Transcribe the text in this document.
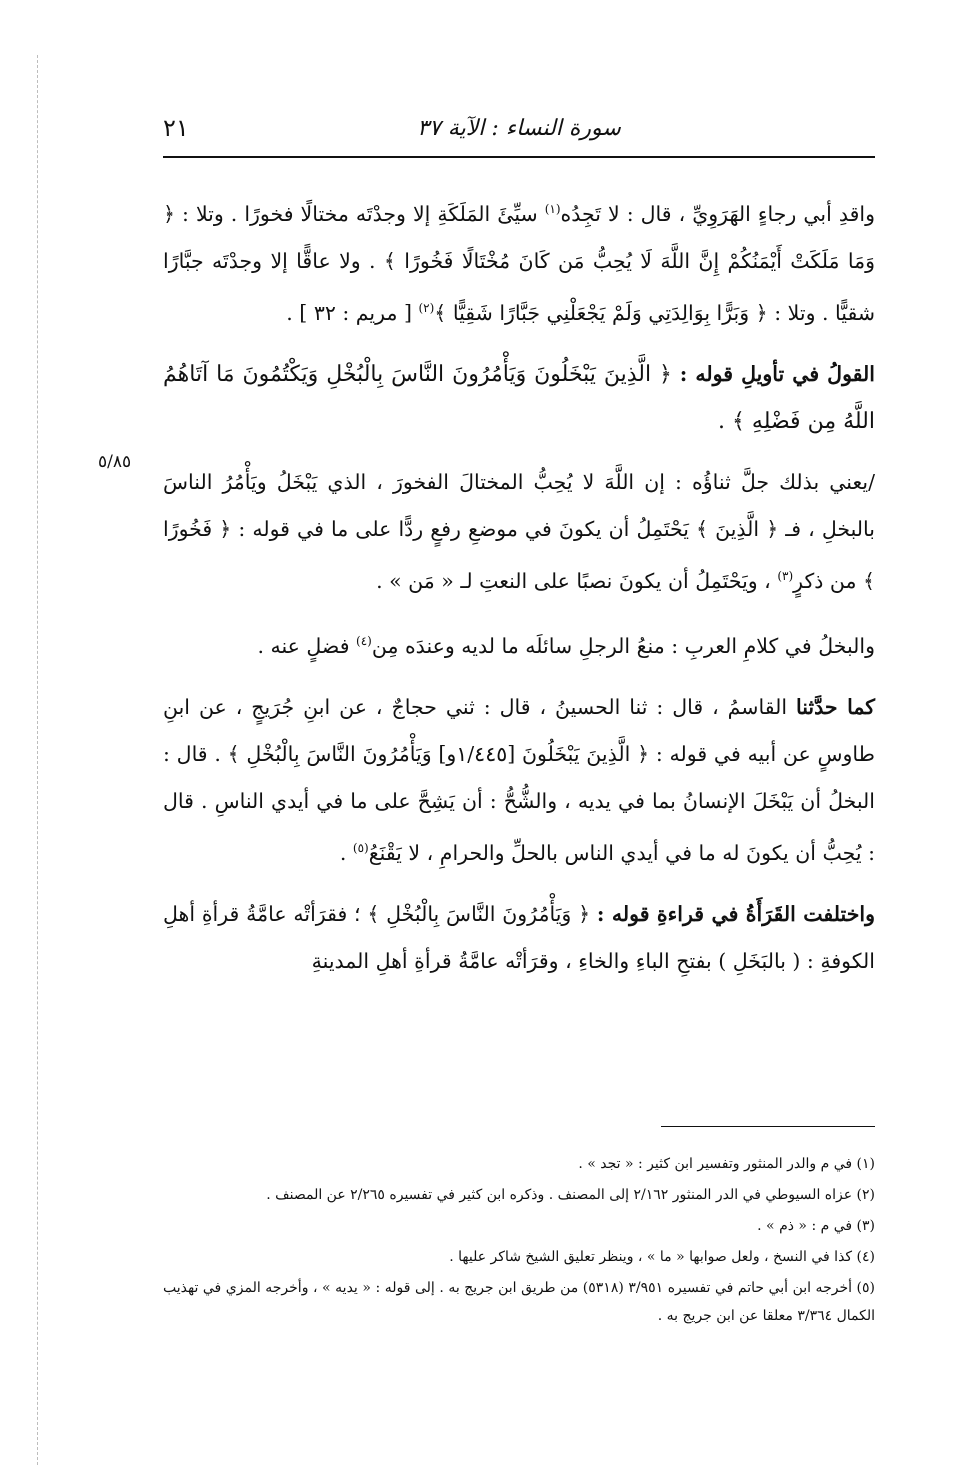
سورة النساء : الآية ٣٧
٢١
٥/٨٥

واقدِ أبي رجاءٍ الهَرَوِيِّ ، قال : لا تَجِدُه$^{(١)}$ سيِّئَ المَلَكَةِ إلا وجدْتَه مختالًا فخورًا . وتلا : ﴿ وَمَا مَلَكَتْ أَيْمَنُكُمْ إِنَّ اللَّهَ لَا يُحِبُّ مَن كَانَ مُخْتَالًا فَخُورًا ﴾ . ولا عاقًّا إلا وجدْتَه جبَّارًا شقيًّا . وتلا : ﴿ وَبَرًّا بِوَالِدَتِي وَلَمْ يَجْعَلْنِي جَبَّارًا شَقِيًّا ﴾$^{(٢)}$ [ مريم : ٣٢ ] .

القولُ في تأويلِ قوله : ﴿ الَّذِينَ يَبْخَلُونَ وَيَأْمُرُونَ النَّاسَ بِالْبُخْلِ وَيَكْتُمُونَ مَا آتَاهُمُ اللَّهُ مِن فَضْلِهِ ﴾ .

/يعني بذلك جلَّ ثناؤُه : إن اللَّهَ لا يُحِبُّ المختالَ الفخورَ ، الذي يَبْخَلُ ويَأْمُرُ الناسَ بالبخلِ ، فـ ﴿ الَّذِينَ ﴾ يَحْتَمِلُ أن يكونَ في موضعِ رفعٍ ردًّا على ما في قوله : ﴿ فَخُورًا ﴾ من ذكرٍ$^{(٣)}$ ، ويَحْتَمِلُ أن يكونَ نصبًا على النعتِ لـ « مَن » .

والبخلُ في كلامِ العربِ : منعُ الرجلِ سائلَه ما لديه وعندَه مِن$^{(٤)}$ فضلٍ عنه .

كما حدَّثنا القاسمُ ، قال : ثنا الحسينُ ، قال : ثني حجاجٌ ، عن ابنِ جُرَيجٍ ، عن ابنِ طاوسٍ عن أبيه في قوله : ﴿ الَّذِينَ يَبْخَلُونَ [١/٤٤٥و] وَيَأْمُرُونَ النَّاسَ بِالْبُخْلِ ﴾ . قال : البخلُ أن يَبْخَلَ الإنسانُ بما في يديه ، والشُّحُّ : أن يَشِحَّ على ما في أيدي الناسِ . قال : يُحِبُّ أن يكونَ له ما في أيدي الناس بالحلِّ والحرامِ ، لا يَقْنَعُ$^{(٥)}$ .

واختلفت القَرَأَةُ في قراءةِ قوله : ﴿ وَيَأْمُرُونَ النَّاسَ بِالْبُخْلِ ﴾ ؛ فقرَأتْه عامَّةُ قرأةِ أهلِ الكوفةِ : ( بالبَخَلِ ) بفتحِ الباءِ والخاءِ ، وقرَأتْه عامَّةُ قرأةِ أهلِ المدينةِ

(١) في م والدر المنثور وتفسير ابن كثير : « تجد » .

(٢) عزاه السيوطي في الدر المنثور ٢/١٦٢ إلى المصنف . وذكره ابن كثير في تفسيره ٢/٢٦٥ عن المصنف .

(٣) في م : « ذم » .

(٤) كذا في النسخ ، ولعل صوابها « ما » ، وينظر تعليق الشيخ شاكر عليها .

(٥) أخرجه ابن أبي حاتم في تفسيره ٣/٩٥١ (٥٣١٨) من طريق ابن جريج به . إلى قوله : « يديه » ، وأخرجه المزي في تهذيب الكمال ٣/٣٦٤ معلقا عن ابن جريج به .
